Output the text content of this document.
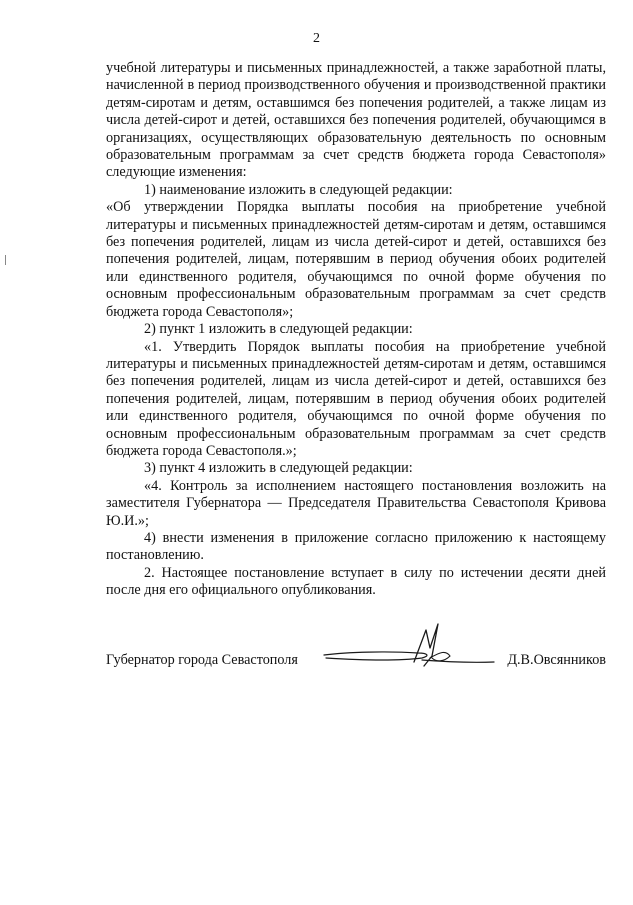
2

учебной литературы и письменных принадлежностей, а также заработной платы, начисленной в период производственного обучения и производственной практики детям-сиротам и детям, оставшимся без попечения родителей, а также лицам из числа детей-сирот и детей, оставшихся без попечения родителей, обучающимся в организациях, осуществляющих образовательную деятельность по основным образовательным программам за счет средств бюджета города Севастополя» следующие изменения:

1) наименование изложить в следующей редакции:

«Об утверждении Порядка выплаты пособия на приобретение учебной литературы и письменных принадлежностей детям-сиротам и детям, оставшимся без попечения родителей, лицам из числа детей-сирот и детей, оставшихся без попечения родителей, лицам, потерявшим в период обучения обоих родителей или единственного родителя, обучающимся по очной форме обучения по основным профессиональным образовательным программам за счет средств бюджета города Севастополя»;

2) пункт 1 изложить в следующей редакции:

«1. Утвердить Порядок выплаты пособия на приобретение учебной литературы и письменных принадлежностей детям-сиротам и детям, оставшимся без попечения родителей, лицам из числа детей-сирот и детей, оставшихся без попечения родителей, лицам, потерявшим в период обучения обоих родителей или единственного родителя, обучающимся по очной форме обучения по основным профессиональным образовательным программам за счет средств бюджета города Севастополя.»;

3) пункт 4 изложить в следующей редакции:

«4. Контроль за исполнением настоящего постановления возложить на заместителя Губернатора — Председателя Правительства Севастополя Кривова Ю.И.»;

4) внести изменения в приложение согласно приложению к настоящему постановлению.

2. Настоящее постановление вступает в силу по истечении десяти дней после дня его официального опубликования.

Губернатор города Севастополя	Д.В.Овсянников
